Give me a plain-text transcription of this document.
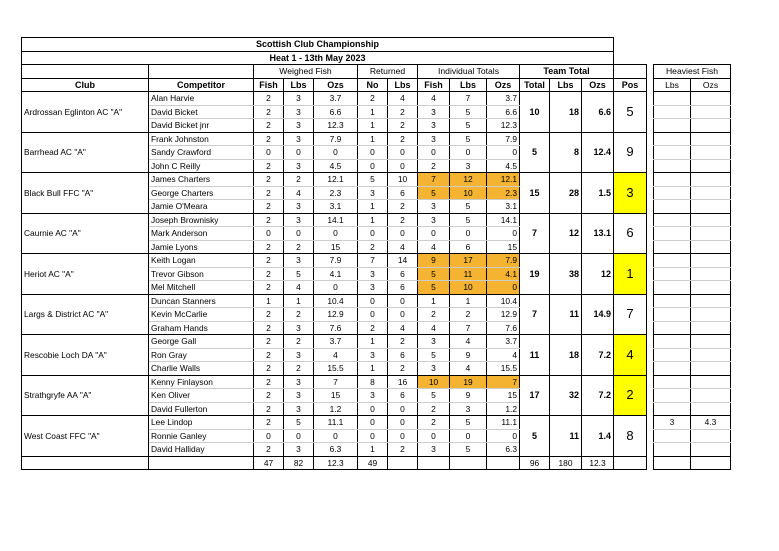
Scottish Club Championship																
Heat 1 - 13th May 2023																
		Weighed Fish			Returned		Individual Totals			Team Total					Heaviest Fish	
Club	Competitor	Fish	Lbs	Ozs	No	Lbs	Fish	Lbs	Ozs	Total	Lbs	Ozs	Pos		Lbs	Ozs
Ardrossan Eglinton AC "A"	Alan Harvie	2	3	3.7	2	4	4	7	3.7	10	18	6.6	5			
	David Bicket	2	3	6.6	1	2	3	5	6.6							
	David Bicket jnr	2	3	12.3	1	2	3	5	12.3							
Barrhead AC "A"	Frank Johnston	2	3	7.9	1	2	3	5	7.9	5	8	12.4	9			
	Sandy Crawford	0	0	0	0	0	0	0	0							
	John C Reilly	2	3	4.5	0	0	2	3	4.5							
Black Bull FFC "A"	James Charters	2	2	12.1	5	10	7	12	12.1	15	28	1.5	3			
	George Charters	2	4	2.3	3	6	5	10	2.3							
	Jamie O'Meara	2	3	3.1	1	2	3	5	3.1							
Caurnie AC "A"	Joseph Brownisky	2	3	14.1	1	2	3	5	14.1	7	12	13.1	6			
	Mark Anderson	0	0	0	0	0	0	0	0							
	Jamie Lyons	2	2	15	2	4	4	6	15							
Heriot AC "A"	Keith Logan	2	3	7.9	7	14	9	17	7.9	19	38	12	1			
	Trevor Gibson	2	5	4.1	3	6	5	11	4.1							
	Mel Mitchell	2	4	0	3	6	5	10	0							
Largs & District AC "A"	Duncan Stanners	1	1	10.4	0	0	1	1	10.4	7	11	14.9	7			
	Kevin McCarlie	2	2	12.9	0	0	2	2	12.9							
	Graham Hands	2	3	7.6	2	4	4	7	7.6							
Rescobie Loch DA "A"	George Gall	2	2	3.7	1	2	3	4	3.7	11	18	7.2	4			
	Ron Gray	2	3	4	3	6	5	9	4							
	Charlie Walls	2	2	15.5	1	2	3	4	15.5							
Strathgryfe AA "A"	Kenny Finlayson	2	3	7	8	16	10	19	7	17	32	7.2	2			
	Ken Oliver	2	3	15	3	6	5	9	15							
	David Fullerton	2	3	1.2	0	0	2	3	1.2							
West Coast FFC "A"	Lee Lindop	2	5	11.1	0	0	2	5	11.1	5	11	1.4	8		3	4.3
	Ronnie Ganley	0	0	0	0	0	0	0	0							
	David Halliday	2	3	6.3	1	2	3	5	6.3							
		47	82	12.3	49					96	180	12.3				
